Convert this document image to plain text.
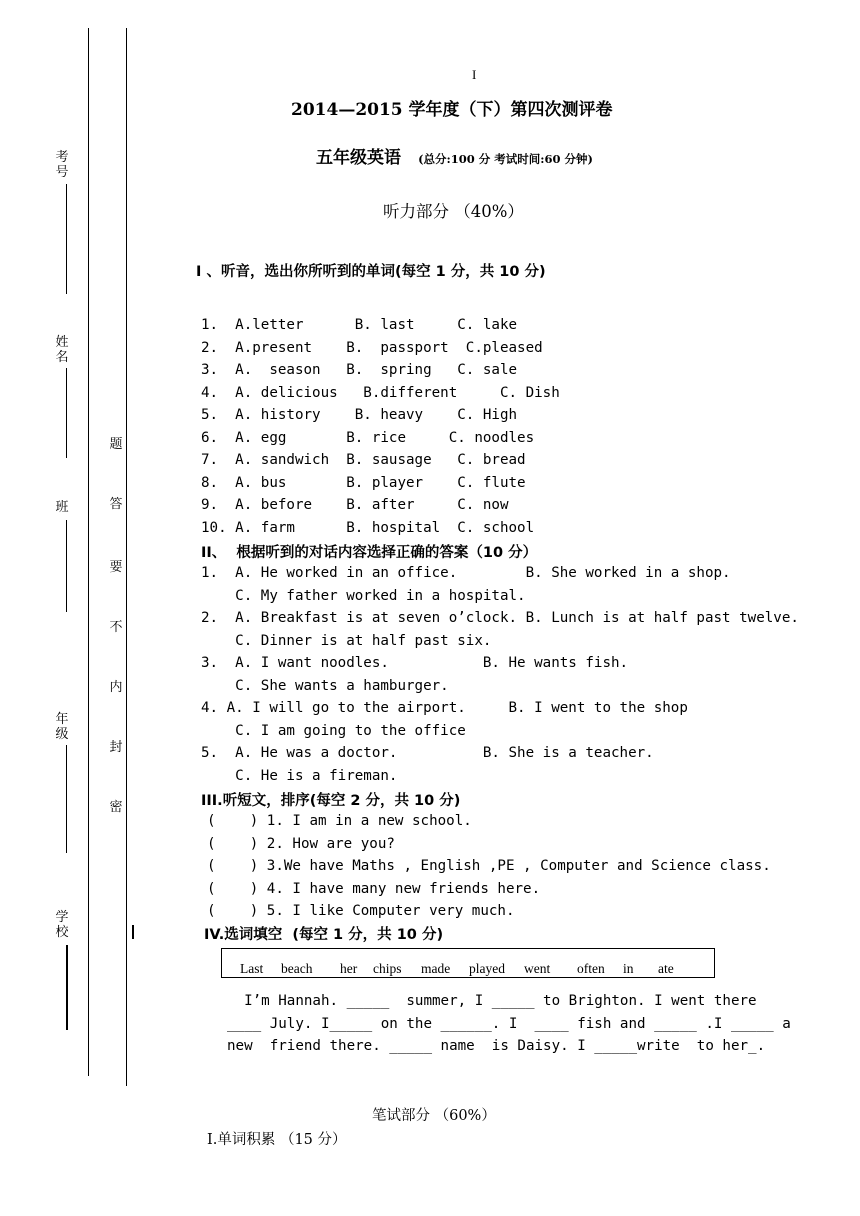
考号
姓名
班
年级
学校
题
答
要
不
内
封
密
I
2014—2015 学年度（下）第四次测评卷
五年级英语 (总分:100 分 考试时间:60 分钟)
听力部分 （40%）
Ⅰ 、听音，选出你所听到的单词(每空 1 分，共 10 分)
1.  A.letter      B. last     C. lake
2.  A.present    B.  passport  C.pleased
3.  A.  season   B.  spring   C. sale
4.  A. delicious   B.different     C. Dish
5.  A. history    B. heavy    C. High
6.  A. egg       B. rice     C. noodles
7.  A. sandwich  B. sausage   C. bread
8.  A. bus       B. player    C. flute
9.  A. before    B. after     C. now
10. A. farm      B. hospital  C. school
II、  根据听到的对话内容选择正确的答案（10 分）
1.  A. He worked in an office.        B. She worked in a shop.
C. My father worked in a hospital.
2.  A. Breakfast is at seven o’clock. B. Lunch is at half past twelve.
C. Dinner is at half past six.
3.  A. I want noodles.           B. He wants fish.
C. She wants a hamburger.
4. A. I will go to the airport.     B. I went to the shop
C. I am going to the office
5.  A. He was a doctor.          B. She is a teacher.
C. He is a fireman.
III.听短文，排序(每空 2 分，共 10 分)
(    ) 1. I am in a new school.
(    ) 2. How are you?
(    ) 3.We have Maths , English ,PE , Computer and Science class.
(    ) 4. I have many new friends here.
(    ) 5. I like Computer very much.
IV.选词填空  (每空 1 分，共 10 分)
Last beach her chips made played went often in ate
I’m Hannah. _____  summer, I _____ to Brighton. I went there
____ July. I_____ on the ______. I  ____ fish and _____ .I _____ a
new  friend there. _____ name  is Daisy. I _____write  to her_.
笔试部分 （60%）
I.单词积累 （15 分）
